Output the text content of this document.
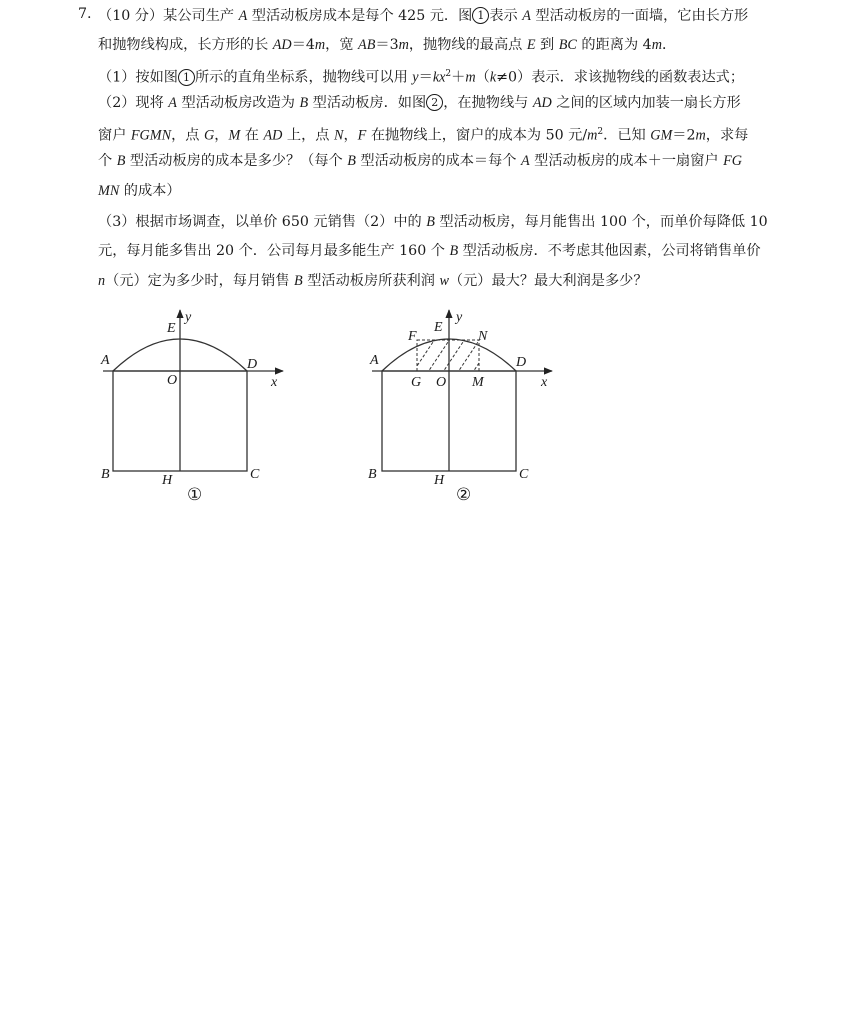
7. （10 分）某公司生产 A 型活动板房成本是每个 425 元．图 1 表示 A 型活动板房的一面墙，它由长方形
和抛物线构成，长方形的长 AD＝4m，宽 AB＝3m，抛物线的最高点 E 到 BC 的距离为 4m．
（1）按如图 1 所示的直角坐标系，抛物线可以用 $y=kx^2+m(k\ne 0)$表示．求该抛物线的函数表达式；
（2）现将 A 型活动板房改造为 B 型活动板房．如图 2 ，在抛物线与 AD 之间的区域内加装一扇长方形
窗户 FGMN，点 G，M 在 AD 上，点 N，F 在抛物线上，窗户的成本为 50 元$/m^2$．已知 GM＝2m，求每
个 B 型活动板房的成本是多少？（每个 B 型活动板房的成本＝每个 A 型活动板房的成本＋一扇窗户 FG
MN 的成本）
（3）根据市场调查，以单价 650 元销售（2）中的 B 型活动板房，每月能售出 100 个，而单价每降低 10
元，每月能多售出 20 个．公司每月最多能生产 160 个 B 型活动板房．不考虑其他因素，公司将销售单价
n（元）定为多少时，每月销售 B 型活动板房所获利润 w（元）最大？最大利润是多少？
A	D
E
y
O	x
B	C
H
①
A	D
E
y
F	N
G O M	x
B	C
H
②
